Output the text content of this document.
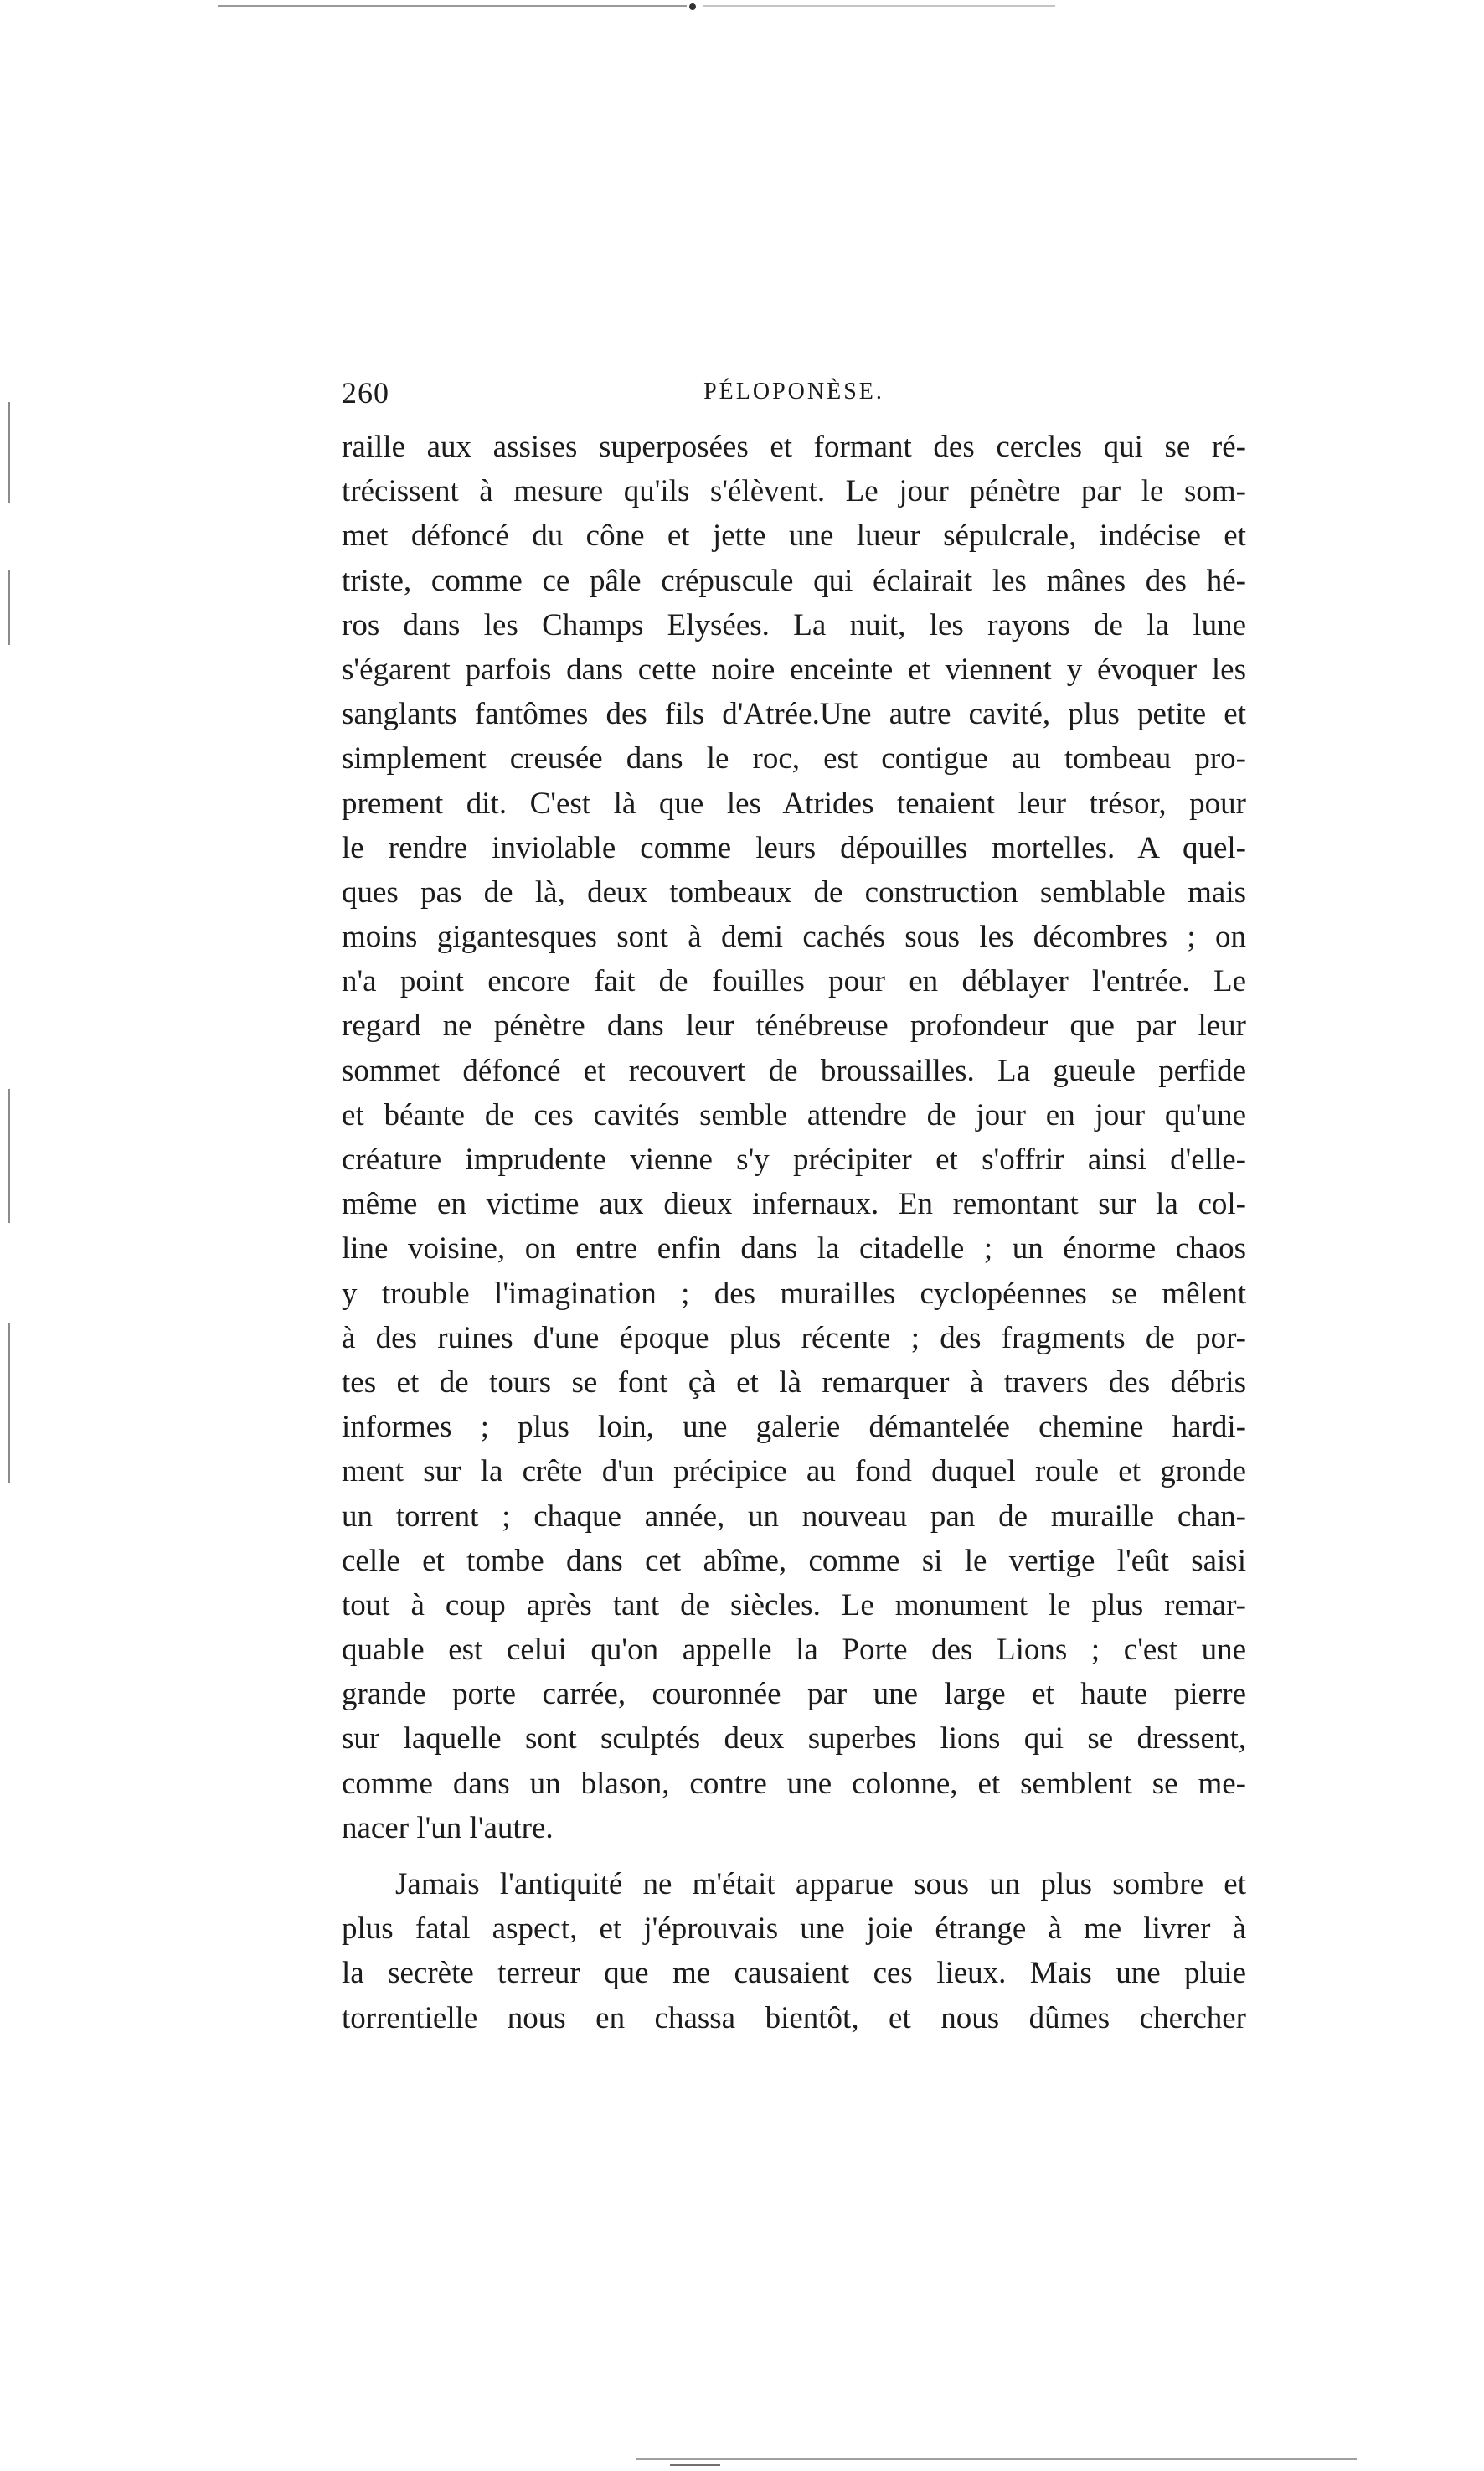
260	PÉLOPONÈSE.
raille aux assises superposées et formant des cercles qui se ré-
trécissent à mesure qu'ils s'élèvent. Le jour pénètre par le som-
met défoncé du cône et jette une lueur sépulcrale, indécise et
triste, comme ce pâle crépuscule qui éclairait les mânes des hé-
ros dans les Champs Elysées. La nuit, les rayons de la lune
s'égarent parfois dans cette noire enceinte et viennent y évoquer les
sanglants fantômes des fils d'Atrée.Une autre cavité, plus petite et
simplement creusée dans le roc, est contigue au tombeau pro-
prement dit. C'est là que les Atrides tenaient leur trésor, pour
le rendre inviolable comme leurs dépouilles mortelles. A quel-
ques pas de là, deux tombeaux de construction semblable mais
moins gigantesques sont à demi cachés sous les décombres ; on
n'a point encore fait de fouilles pour en déblayer l'entrée. Le
regard ne pénètre dans leur ténébreuse profondeur que par leur
sommet défoncé et recouvert de broussailles. La gueule perfide
et béante de ces cavités semble attendre de jour en jour qu'une
créature imprudente vienne s'y précipiter et s'offrir ainsi d'elle-
même en victime aux dieux infernaux. En remontant sur la col-
line voisine, on entre enfin dans la citadelle ; un énorme chaos
y trouble l'imagination ; des murailles cyclopéennes se mêlent
à des ruines d'une époque plus récente ; des fragments de por-
tes et de tours se font çà et là remarquer à travers des débris
informes ; plus loin, une galerie démantelée chemine hardi-
ment sur la crête d'un précipice au fond duquel roule et gronde
un torrent ; chaque année, un nouveau pan de muraille chan-
celle et tombe dans cet abîme, comme si le vertige l'eût saisi
tout à coup après tant de siècles. Le monument le plus remar-
quable est celui qu'on appelle la Porte des Lions ; c'est une
grande porte carrée, couronnée par une large et haute pierre
sur laquelle sont sculptés deux superbes lions qui se dressent,
comme dans un blason, contre une colonne, et semblent se me-
nacer l'un l'autre.
Jamais l'antiquité ne m'était apparue sous un plus sombre et
plus fatal aspect, et j'éprouvais une joie étrange à me livrer à
la secrète terreur que me causaient ces lieux. Mais une pluie
torrentielle nous en chassa bientôt, et nous dûmes chercher
